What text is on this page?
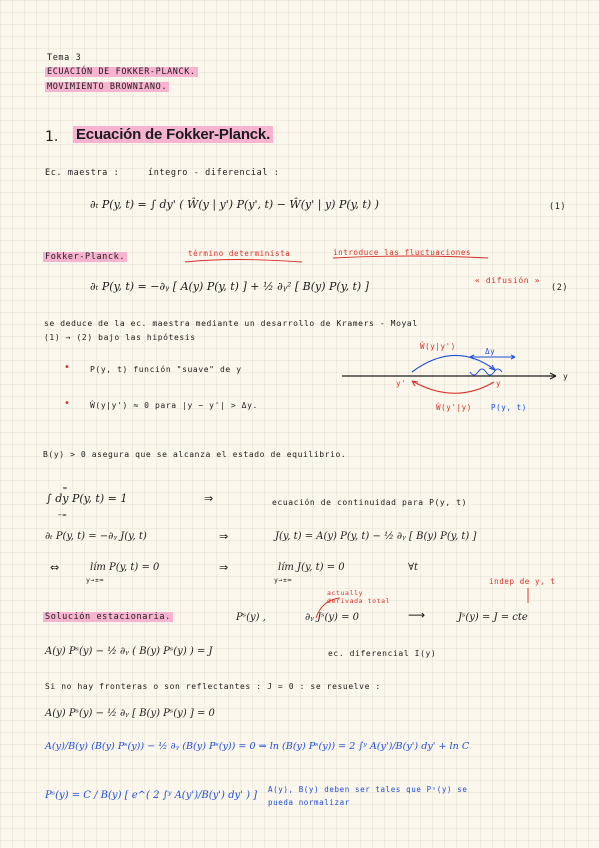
Tema 3
ECUACIÓN DE FOKKER-PLANCK.
MOVIMIENTO BROWNIANO.
1. Ecuación de Fokker-Planck.
Ec. maestra :	íntegro - diferencial :
∂ₜ P(y, t) = ∫ dy' ( Ŵ(y | y') P(y', t) − Ŵ(y' | y) P(y, t) )	(1)
Fokker-Planck.	término determinista	introduce las fluctuaciones
∂ₜ P(y, t) = −∂ᵧ [ A(y) P(y, t) ] + ½ ∂ᵧ² [ B(y) P(y, t) ]	« difusión »
(2)
se deduce de la ec. maestra mediante un desarrollo de Kramers - Moyal
(1) → (2) bajo las hipótesis
•	P(y, t) función "suave" de y
•	Ŵ(y|y') ≈ 0 para |y − y'| > Δy.
Ŵ(y|y')
Δy
y'	y
y
Ŵ(y'|y)	P(y, t)
B(y) > 0 asegura que se alcanza el estado de equilibrio.
∞
−∞
∫ dy P(y, t) = 1	⇒	ecuación de continuidad para P(y, t)
∂ₜ P(y, t) = −∂ᵧ J(y, t)	⇒	J(y, t) = A(y) P(y, t) − ½ ∂ᵧ [ B(y) P(y, t) ]
⇔	lím P(y, t) = 0
y→±∞
⇒	lím J(y, t) = 0
y→±∞
∀t
indep de y, t
actually derivada total
Solución estacionaria.	Pˢ(y) ,	∂ᵧ Jˢ(y) = 0	⟶	Jˢ(y) = J = cte
A(y) Pˢ(y) − ½ ∂ᵧ ( B(y) Pˢ(y) ) = J	ec. diferencial I(y)
Si no hay fronteras o son reflectantes : J = 0 : se resuelve :
A(y) Pˢ(y) − ½ ∂ᵧ [ B(y) Pˢ(y) ] = 0
A(y)/B(y) (B(y) Pˢ(y)) − ½ ∂ᵧ (B(y) Pˢ(y)) = 0 ⇒ ln (B(y) Pˢ(y)) = 2 ∫ʸ A(y')/B(y') dy' + ln C
Pˢ(y) = C / B(y) [ e^( 2 ∫ʸ A(y')/B(y') dy' ) ]
A(y), B(y) deben ser tales que Pˢ(y) se
pueda normalizar
